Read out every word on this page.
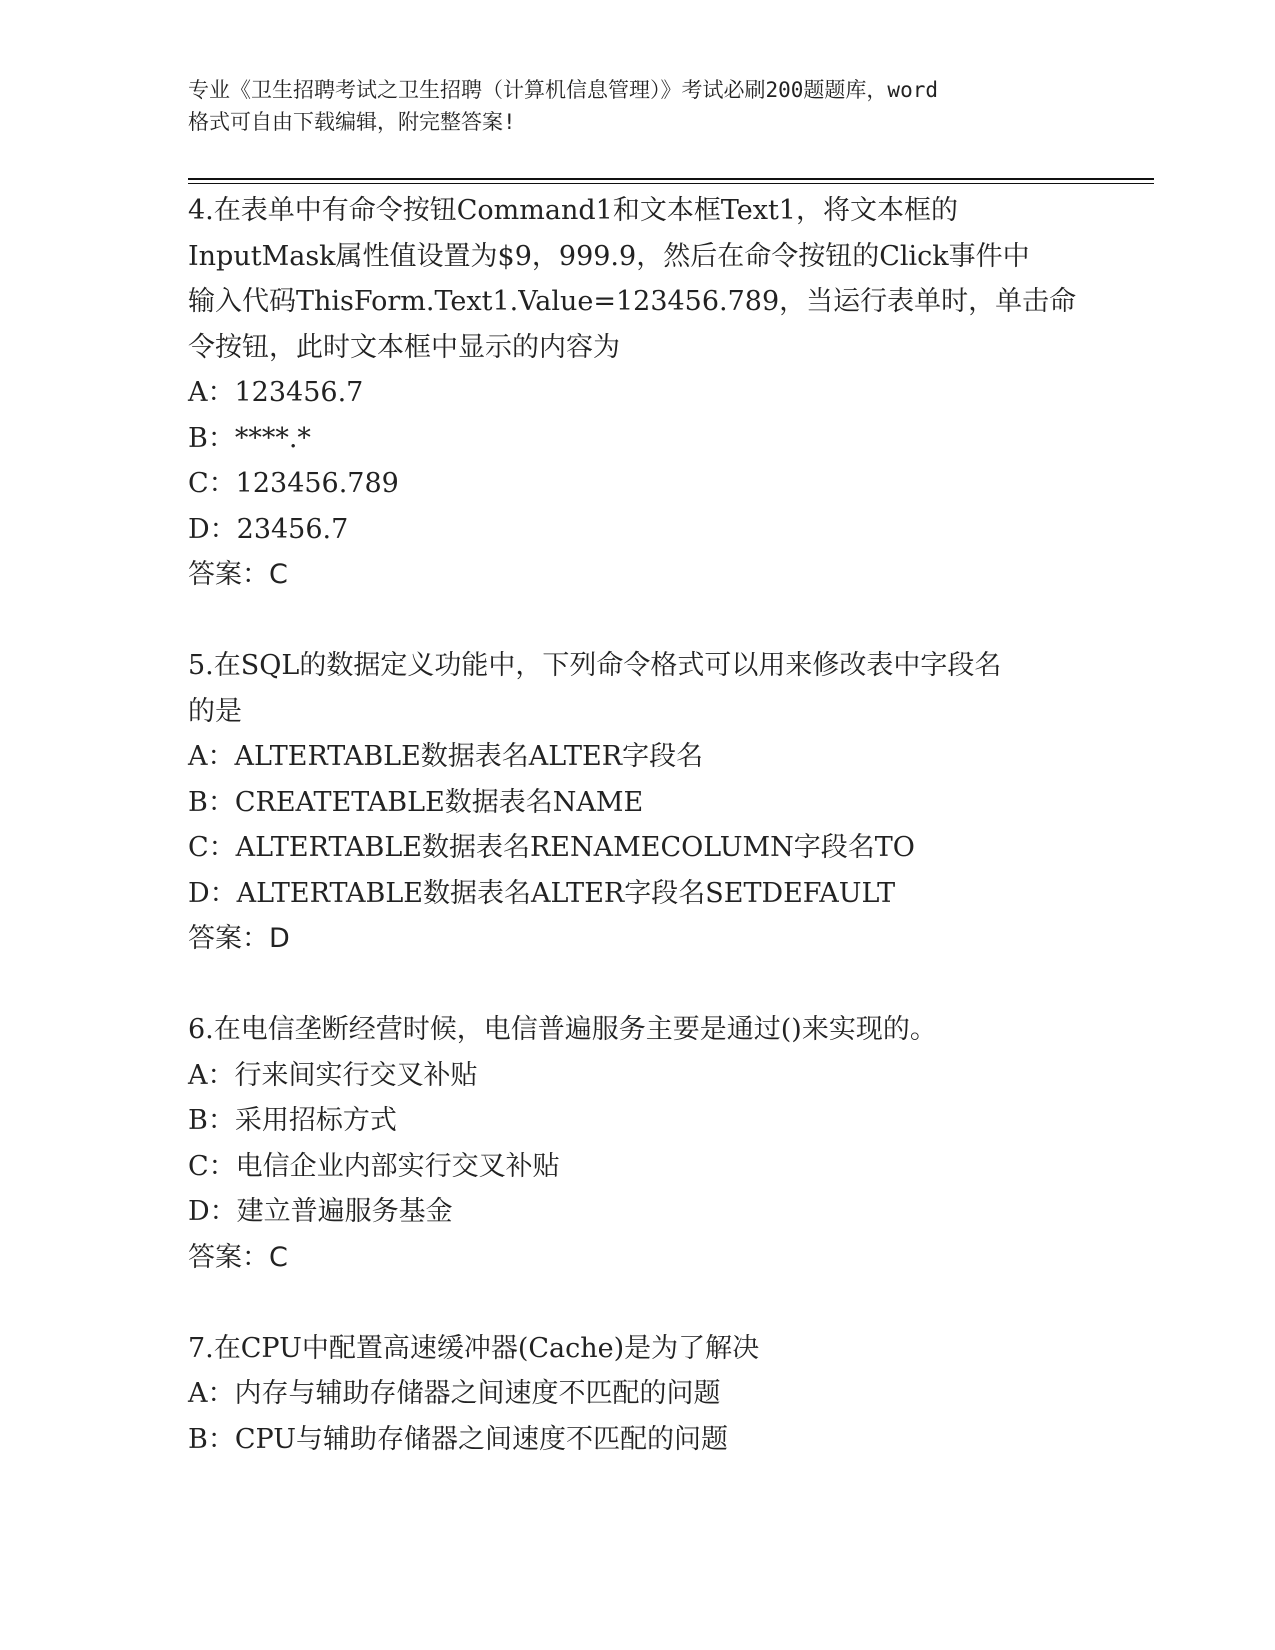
专业《卫生招聘考试之卫生招聘（计算机信息管理）》考试必刷200题题库，word
格式可自由下载编辑，附完整答案!
4.在表单中有命令按钮Command1和文本框Text1，将文本框的
InputMask属性值设置为$9，999.9，然后在命令按钮的Click事件中
输入代码ThisForm.Text1.Value=123456.789，当运行表单时，单击命
令按钮，此时文本框中显示的内容为
A：123456.7
B：****.*
C：123456.789
D：23456.7
答案：C
5.在SQL的数据定义功能中，下列命令格式可以用来修改表中字段名
的是
A：ALTERTABLE数据表名ALTER字段名
B：CREATETABLE数据表名NAME
C：ALTERTABLE数据表名RENAMECOLUMN字段名TO
D：ALTERTABLE数据表名ALTER字段名SETDEFAULT
答案：D
6.在电信垄断经营时候，电信普遍服务主要是通过()来实现的。
A：行来间实行交叉补贴
B：采用招标方式
C：电信企业内部实行交叉补贴
D：建立普遍服务基金
答案：C
7.在CPU中配置高速缓冲器(Cache)是为了解决
A：内存与辅助存储器之间速度不匹配的问题
B：CPU与辅助存储器之间速度不匹配的问题
